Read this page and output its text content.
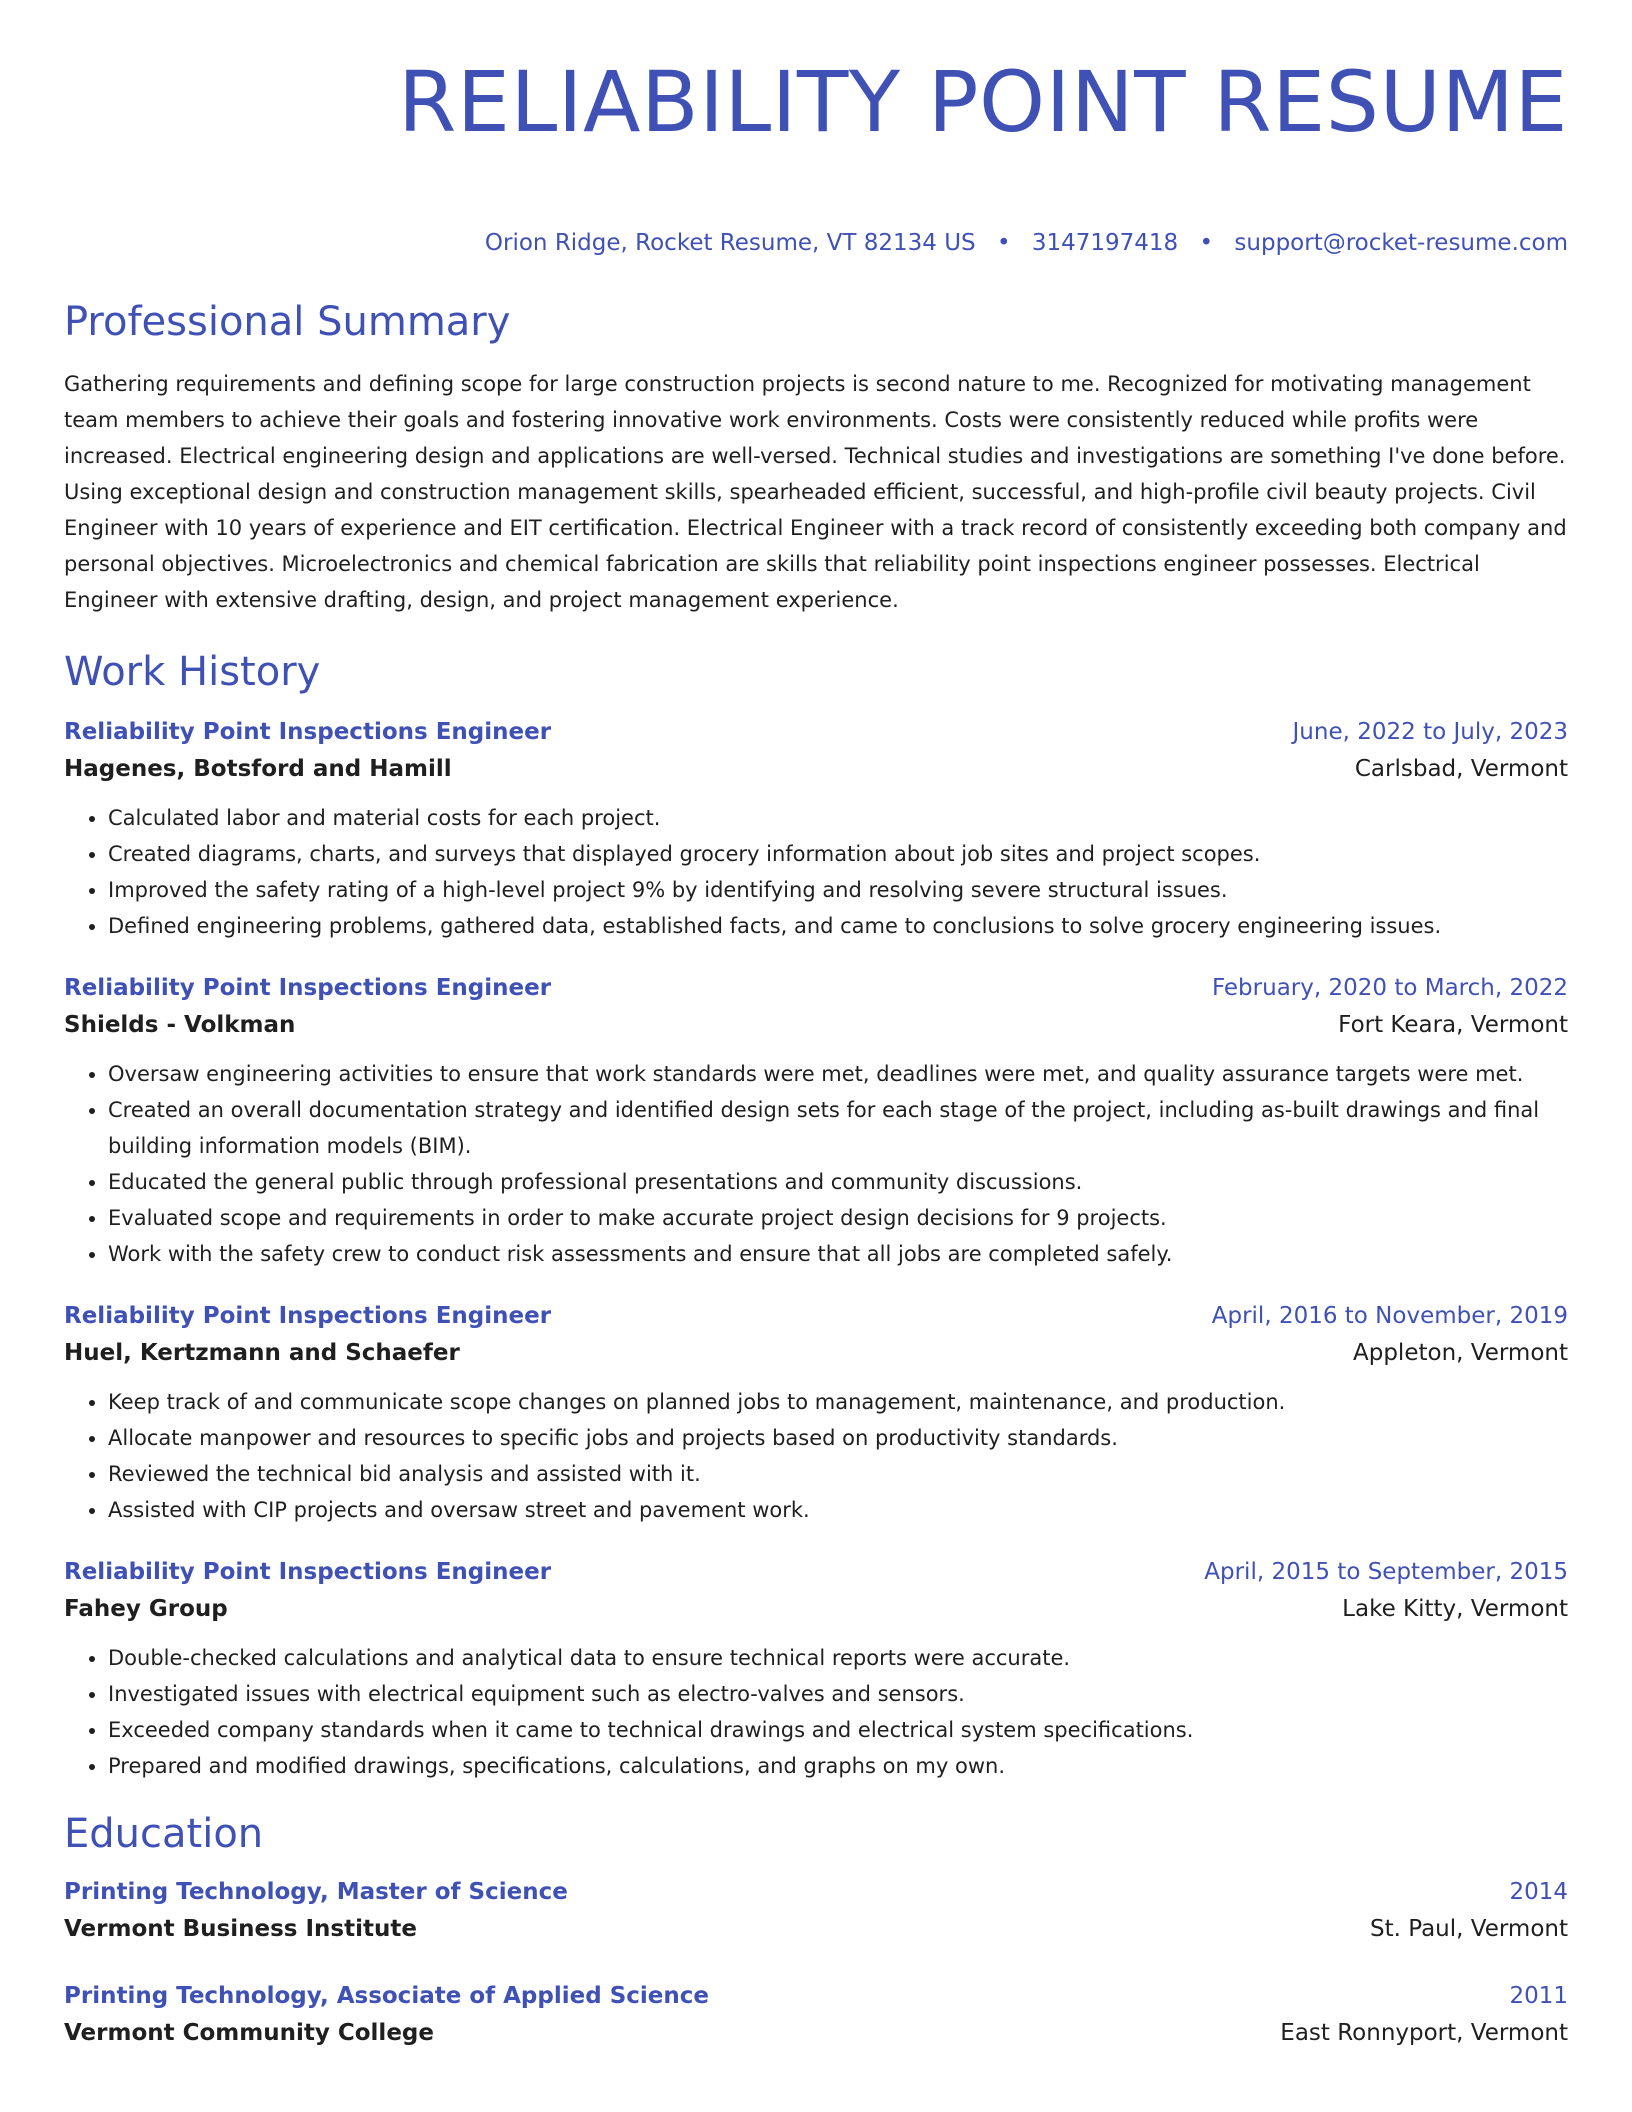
RELIABILITY POINT RESUME
Orion Ridge, Rocket Resume, VT 82134 US • 3147197418 • support@rocket-resume.com
Professional Summary

Gathering requirements and defining scope for large construction projects is second nature to me. Recognized for motivating management team members to achieve their goals and fostering innovative work environments. Costs were consistently reduced while profits were increased. Electrical engineering design and applications are well-versed. Technical studies and investigations are something I've done before. Using exceptional design and construction management skills, spearheaded efficient, successful, and high-profile civil beauty projects. Civil Engineer with 10 years of experience and EIT certification. Electrical Engineer with a track record of consistently exceeding both company and personal objectives. Microelectronics and chemical fabrication are skills that reliability point inspections engineer possesses. Electrical Engineer with extensive drafting, design, and project management experience.

Work History
Reliability Point Inspections Engineer	June, 2022 to July, 2023
Hagenes, Botsford and Hamill	Carlsbad, Vermont
• Calculated labor and material costs for each project.
• Created diagrams, charts, and surveys that displayed grocery information about job sites and project scopes.
• Improved the safety rating of a high-level project 9% by identifying and resolving severe structural issues.
• Defined engineering problems, gathered data, established facts, and came to conclusions to solve grocery engineering issues.
Reliability Point Inspections Engineer	February, 2020 to March, 2022
Shields - Volkman	Fort Keara, Vermont
• Oversaw engineering activities to ensure that work standards were met, deadlines were met, and quality assurance targets were met.
• Created an overall documentation strategy and identified design sets for each stage of the project, including as-built drawings and final building information models (BIM).
• Educated the general public through professional presentations and community discussions.
• Evaluated scope and requirements in order to make accurate project design decisions for 9 projects.
• Work with the safety crew to conduct risk assessments and ensure that all jobs are completed safely.
Reliability Point Inspections Engineer	April, 2016 to November, 2019
Huel, Kertzmann and Schaefer	Appleton, Vermont
• Keep track of and communicate scope changes on planned jobs to management, maintenance, and production.
• Allocate manpower and resources to specific jobs and projects based on productivity standards.
• Reviewed the technical bid analysis and assisted with it.
• Assisted with CIP projects and oversaw street and pavement work.
Reliability Point Inspections Engineer	April, 2015 to September, 2015
Fahey Group	Lake Kitty, Vermont
• Double-checked calculations and analytical data to ensure technical reports were accurate.
• Investigated issues with electrical equipment such as electro-valves and sensors.
• Exceeded company standards when it came to technical drawings and electrical system specifications.
• Prepared and modified drawings, specifications, calculations, and graphs on my own.
Education
Printing Technology, Master of Science	2014
Vermont Business Institute	St. Paul, Vermont
Printing Technology, Associate of Applied Science	2011
Vermont Community College	East Ronnyport, Vermont
